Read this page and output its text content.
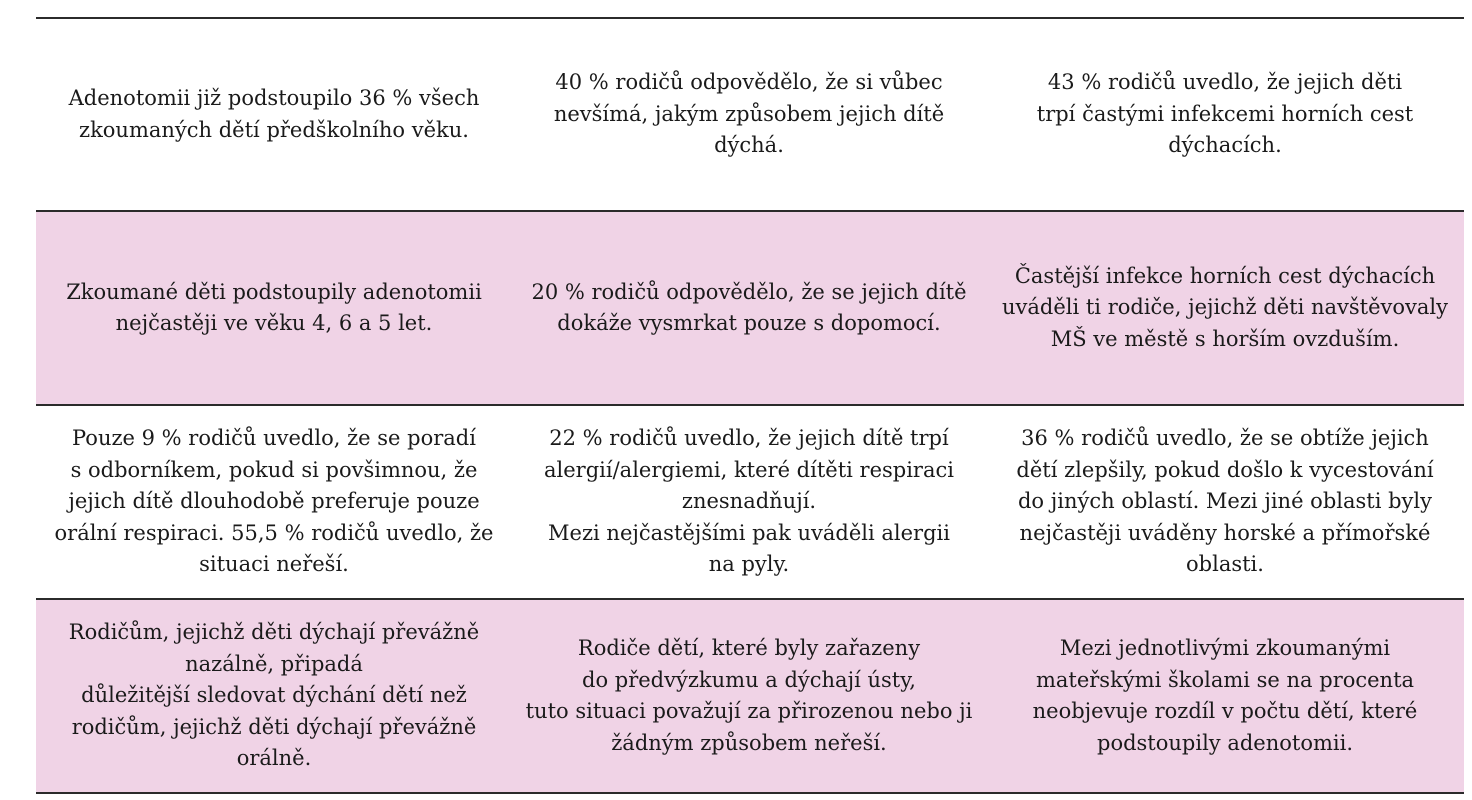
Adenotomii již podstoupilo 36 % všech
zkoumaných dětí předškolního věku.
40 % rodičů odpovědělo, že si vůbec
nevšímá, jakým způsobem jejich dítě
dýchá.
43 % rodičů uvedlo, že jejich děti
trpí častými infekcemi horních cest
dýchacích.
Zkoumané děti podstoupily adenotomii
nejčastěji ve věku 4, 6 a 5 let.
20 % rodičů odpovědělo, že se jejich dítě
dokáže vysmrkat pouze s dopomocí.
Častější infekce horních cest dýchacích
uváděli ti rodiče, jejichž děti navštěvovaly
MŠ ve městě s horším ovzduším.
Pouze 9 % rodičů uvedlo, že se poradí
s odborníkem, pokud si povšimnou, že
jejich dítě dlouhodobě preferuje pouze
orální respiraci. 55,5 % rodičů uvedlo, že
situaci neřeší.
22 % rodičů uvedlo, že jejich dítě trpí
alergií/alergiemi, které dítěti respiraci
znesnadňují.
Mezi nejčastějšími pak uváděli alergii
na pyly.
36 % rodičů uvedlo, že se obtíže jejich
dětí zlepšily, pokud došlo k vycestování
do jiných oblastí. Mezi jiné oblasti byly
nejčastěji uváděny horské a přímořské
oblasti.
Rodičům, jejichž děti dýchají převážně
nazálně, připadá
důležitější sledovat dýchání dětí než
rodičům, jejichž děti dýchají převážně
orálně.
Rodiče dětí, které byly zařazeny
do předvýzkumu a dýchají ústy,
tuto situaci považují za přirozenou nebo ji
žádným způsobem neřeší.
Mezi jednotlivými zkoumanými
mateřskými školami se na procenta
neobjevuje rozdíl v počtu dětí, které
podstoupily adenotomii.
